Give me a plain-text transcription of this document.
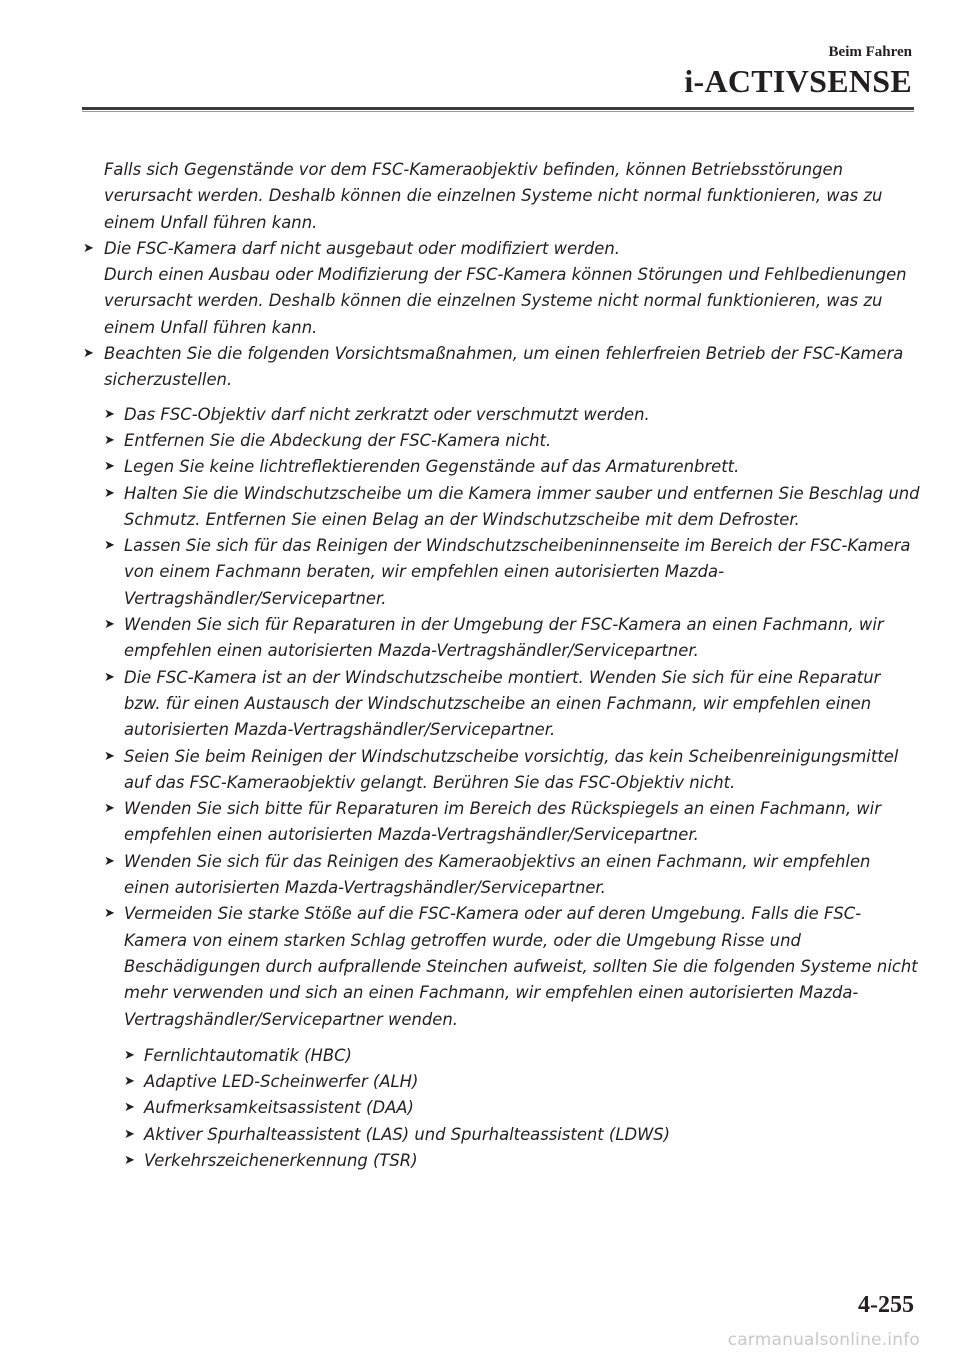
Beim Fahren
i-ACTIVSENSE
Falls sich Gegenstände vor dem FSC-Kameraobjektiv befinden, können Betriebsstörungen verursacht werden. Deshalb können die einzelnen Systeme nicht normal funktionieren, was zu einem Unfall führen kann.
➤ Die FSC-Kamera darf nicht ausgebaut oder modifiziert werden.
Durch einen Ausbau oder Modifizierung der FSC-Kamera können Störungen und Fehlbedienungen verursacht werden. Deshalb können die einzelnen Systeme nicht normal funktionieren, was zu einem Unfall führen kann.
➤ Beachten Sie die folgenden Vorsichtsmaßnahmen, um einen fehlerfreien Betrieb der FSC-Kamera sicherzustellen.
➤ Das FSC-Objektiv darf nicht zerkratzt oder verschmutzt werden.
➤ Entfernen Sie die Abdeckung der FSC-Kamera nicht.
➤ Legen Sie keine lichtreflektierenden Gegenstände auf das Armaturenbrett.
➤ Halten Sie die Windschutzscheibe um die Kamera immer sauber und entfernen Sie Beschlag und Schmutz. Entfernen Sie einen Belag an der Windschutzscheibe mit dem Defroster.
➤ Lassen Sie sich für das Reinigen der Windschutzscheibeninnenseite im Bereich der FSC-Kamera von einem Fachmann beraten, wir empfehlen einen autorisierten Mazda-Vertragshändler/Servicepartner.
➤ Wenden Sie sich für Reparaturen in der Umgebung der FSC-Kamera an einen Fachmann, wir empfehlen einen autorisierten Mazda-Vertragshändler/Servicepartner.
➤ Die FSC-Kamera ist an der Windschutzscheibe montiert. Wenden Sie sich für eine Reparatur bzw. für einen Austausch der Windschutzscheibe an einen Fachmann, wir empfehlen einen autorisierten Mazda-Vertragshändler/Servicepartner.
➤ Seien Sie beim Reinigen der Windschutzscheibe vorsichtig, das kein Scheibenreinigungsmittel auf das FSC-Kameraobjektiv gelangt. Berühren Sie das FSC-Objektiv nicht.
➤ Wenden Sie sich bitte für Reparaturen im Bereich des Rückspiegels an einen Fachmann, wir empfehlen einen autorisierten Mazda-Vertragshändler/Servicepartner.
➤ Wenden Sie sich für das Reinigen des Kameraobjektivs an einen Fachmann, wir empfehlen einen autorisierten Mazda-Vertragshändler/Servicepartner.
➤ Vermeiden Sie starke Stöße auf die FSC-Kamera oder auf deren Umgebung. Falls die FSC-Kamera von einem starken Schlag getroffen wurde, oder die Umgebung Risse und Beschädigungen durch aufprallende Steinchen aufweist, sollten Sie die folgenden Systeme nicht mehr verwenden und sich an einen Fachmann, wir empfehlen einen autorisierten Mazda-Vertragshändler/Servicepartner wenden.
➤ Fernlichtautomatik (HBC)
➤ Adaptive LED-Scheinwerfer (ALH)
➤ Aufmerksamkeitsassistent (DAA)
➤ Aktiver Spurhalteassistent (LAS) und Spurhalteassistent (LDWS)
➤ Verkehrszeichenerkennung (TSR)
4-255
carmanualsonline.info
